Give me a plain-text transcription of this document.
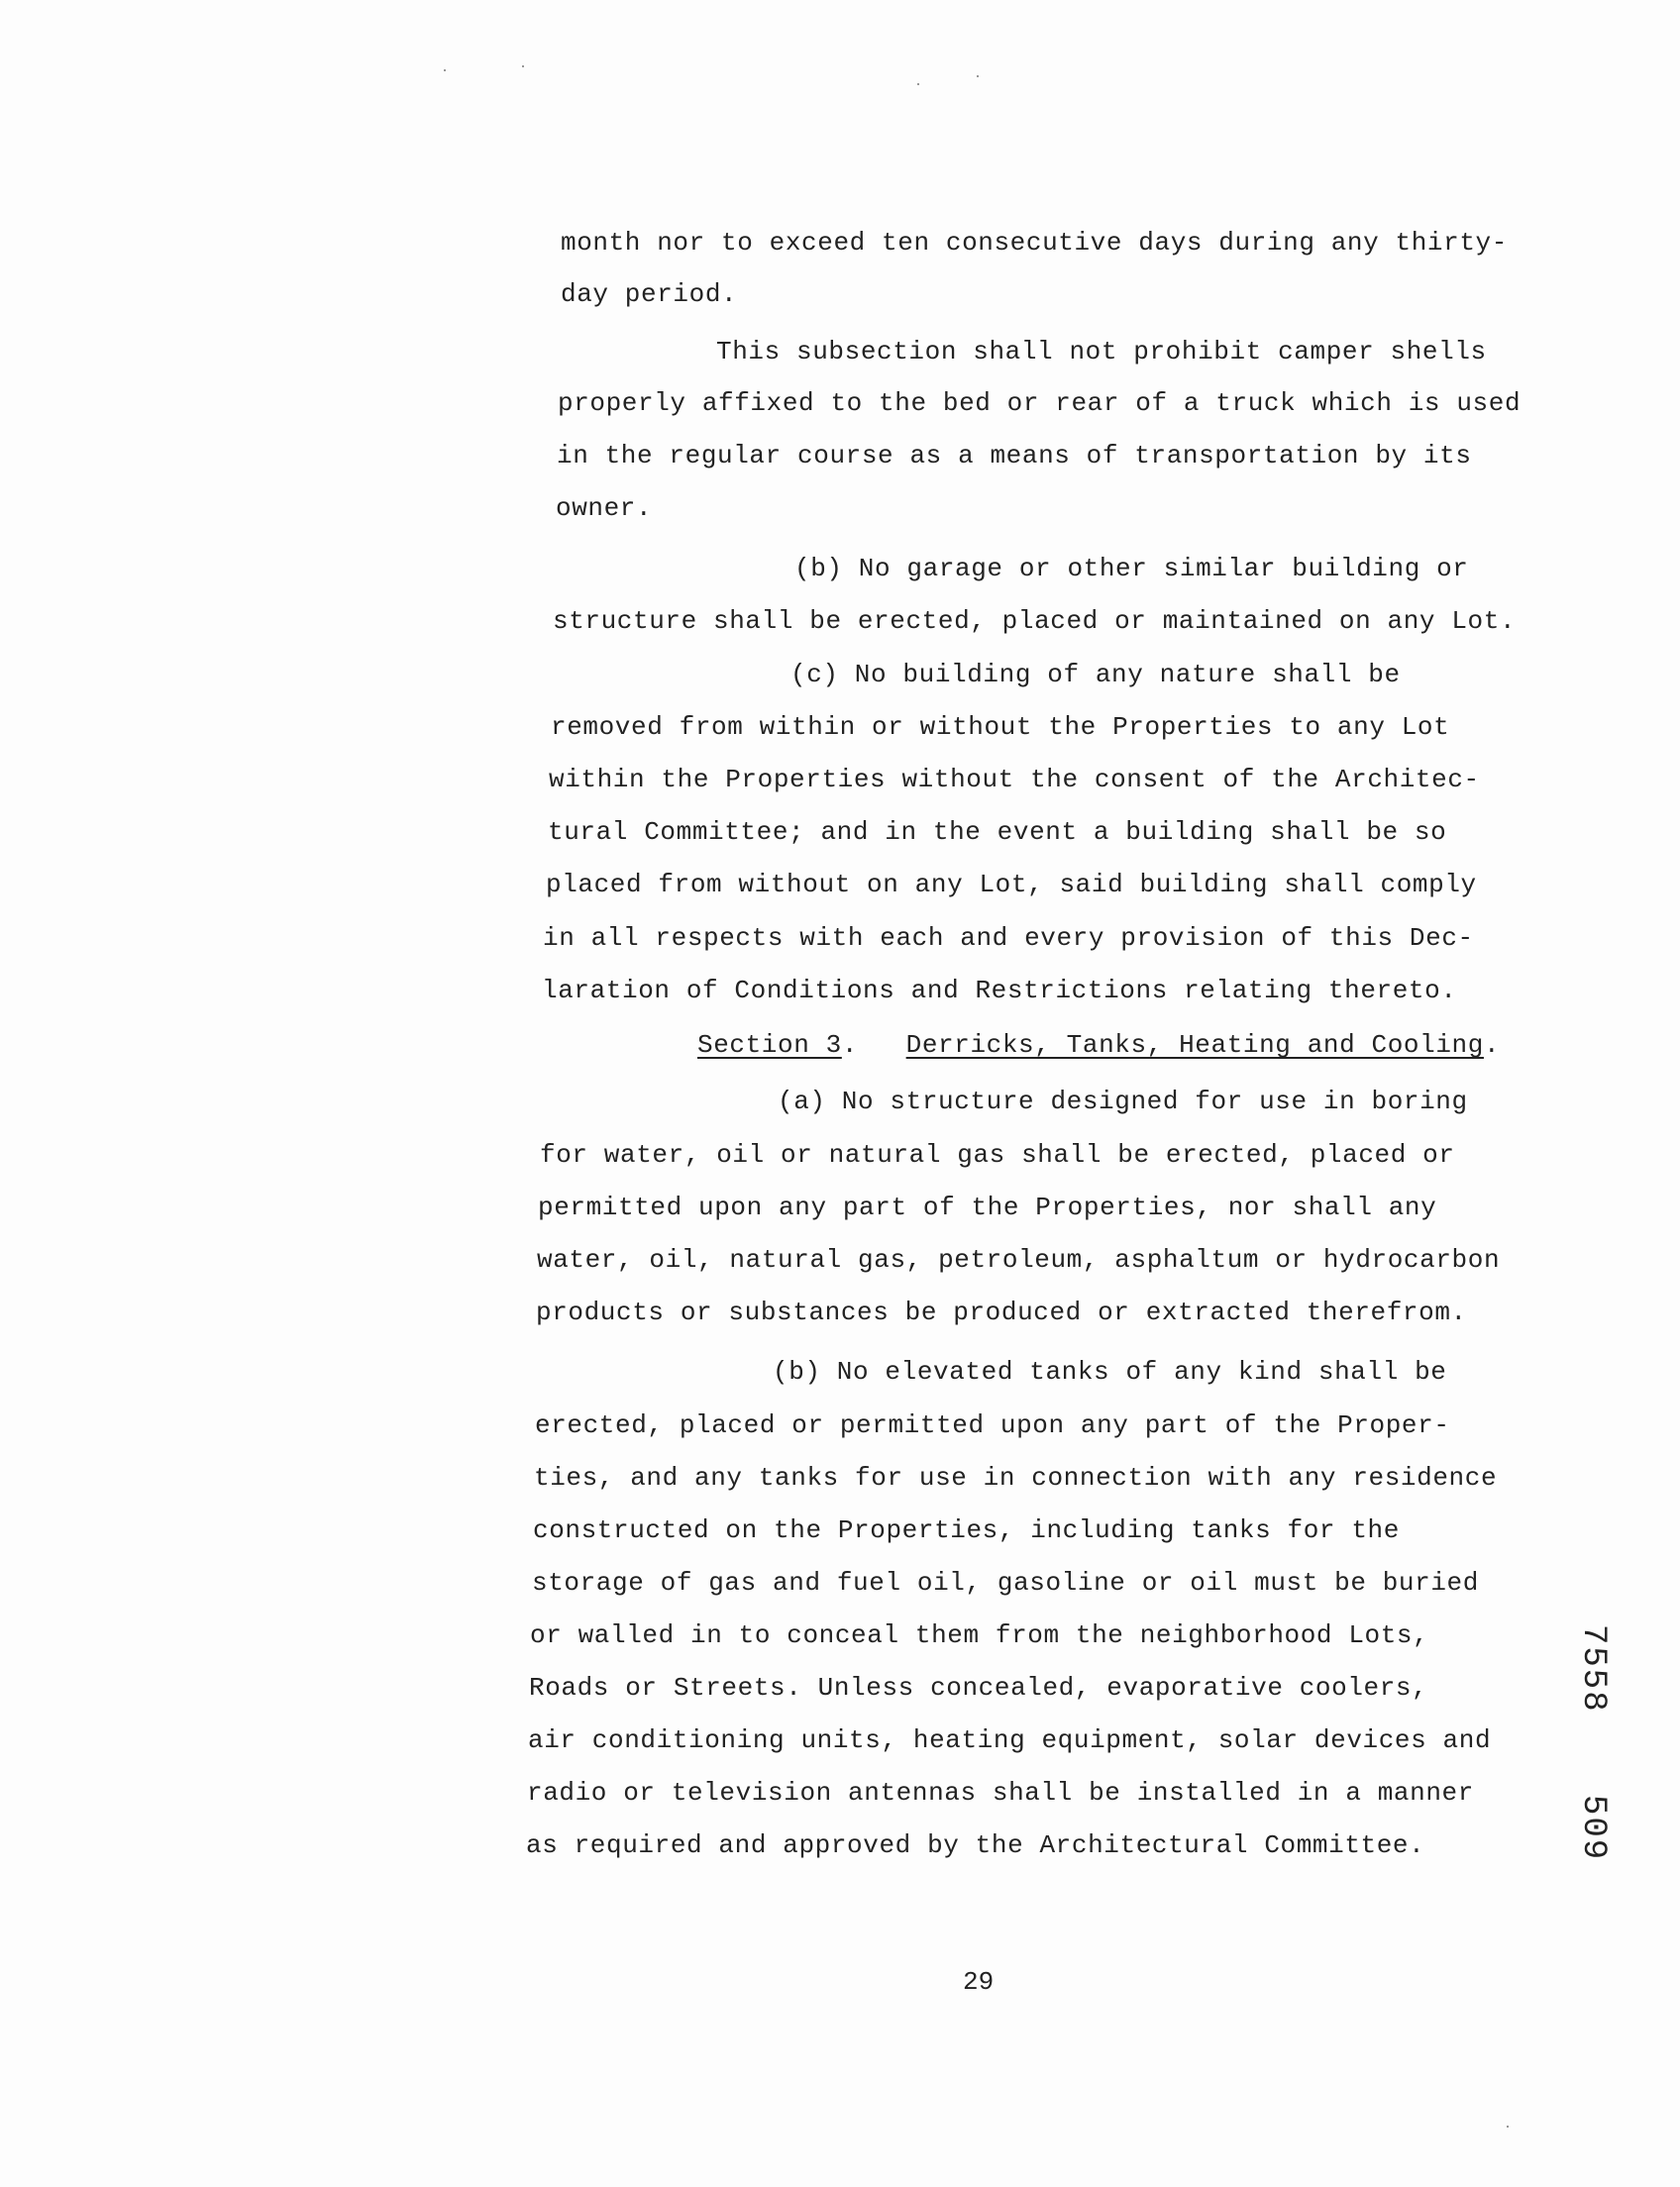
month nor to exceed ten consecutive days during any thirty-
day period.
This subsection shall not prohibit camper shells
properly affixed to the bed or rear of a truck which is used
in the regular course as a means of transportation by its
owner.
(b) No garage or other similar building or
structure shall be erected, placed or maintained on any Lot.
(c) No building of any nature shall be
removed from within or without the Properties to any Lot
within the Properties without the consent of the Architec-
tural Committee; and in the event a building shall be so
placed from without on any Lot, said building shall comply
in all respects with each and every provision of this Dec-
laration of Conditions and Restrictions relating thereto.
Section 3. Derricks, Tanks, Heating and Cooling.
(a) No structure designed for use in boring
for water, oil or natural gas shall be erected, placed or
permitted upon any part of the Properties, nor shall any
water, oil, natural gas, petroleum, asphaltum or hydrocarbon
products or substances be produced or extracted therefrom.
(b) No elevated tanks of any kind shall be
erected, placed or permitted upon any part of the Proper-
ties, and any tanks for use in connection with any residence
constructed on the Properties, including tanks for the
storage of gas and fuel oil, gasoline or oil must be buried
or walled in to conceal them from the neighborhood Lots,
Roads or Streets. Unless concealed, evaporative coolers,
air conditioning units, heating equipment, solar devices and
radio or television antennas shall be installed in a manner
as required and approved by the Architectural Committee.
29
7558
509
